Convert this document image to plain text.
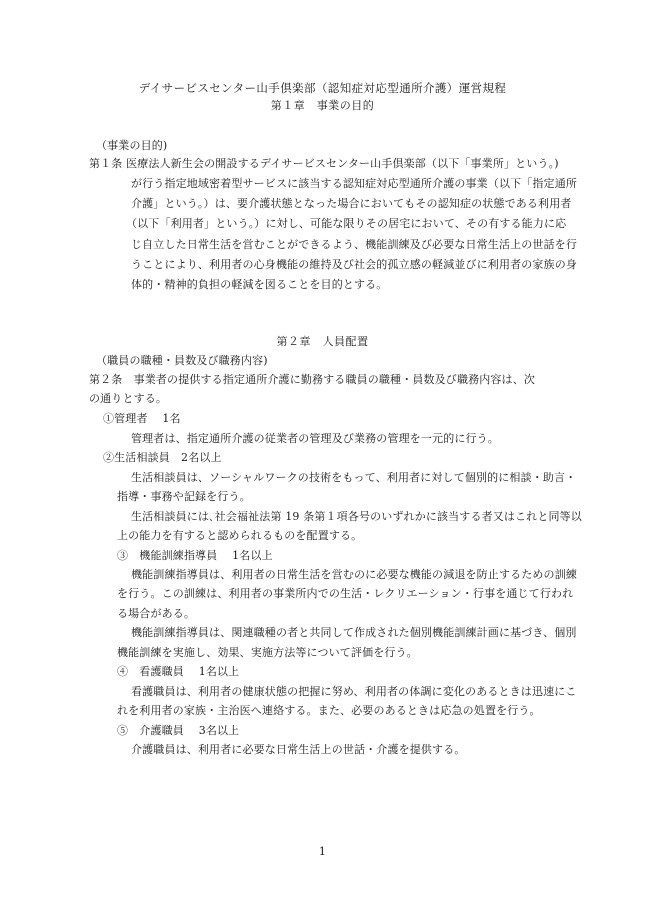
デイサービスセンター山手倶楽部（認知症対応型通所介護）運営規程
第１章　事業の目的
（事業の目的)
第１条 医療法人新生会の開設するデイサービスセンター山手倶楽部（以下「事業所」という。)
が行う指定地域密着型サービスに該当する認知症対応型通所介護の事業（以下「指定通所
介護」という。）は、要介護状態となった場合においてもその認知症の状態である利用者
（以下「利用者」という。）に対し、可能な限りその居宅において、その有する能力に応
じ自立した日常生活を営むことができるよう、機能訓練及び必要な日常生活上の世話を行
うことにより、利用者の心身機能の維持及び社会的孤立感の軽減並びに利用者の家族の身
体的・精神的負担の軽減を図ることを目的とする。
第２章　人員配置
（職員の職種・員数及び職務内容)
第２条　事業者の提供する指定通所介護に勤務する職員の職種・員数及び職務内容は、次
の通りとする。
①管理者　 1名
管理者は、指定通所介護の従業者の管理及び業務の管理を一元的に行う。
②生活相談員　2名以上
生活相談員は、ソーシャルワークの技術をもって、利用者に対して個別的に相談・助言・
指導・事務や記録を行う。
生活相談員には､社会福祉法第 19 条第１項各号のいずれかに該当する者又はこれと同等以
上の能力を有すると認められるものを配置する。
③　機能訓練指導員　 1名以上
機能訓練指導員は、利用者の日常生活を営むのに必要な機能の減退を防止するための訓練
を行う。この訓練は、利用者の事業所内での生活・レクリエーション・行事を通じて行われ
る場合がある。
機能訓練指導員は、関連職種の者と共同して作成された個別機能訓練計画に基づき、個別
機能訓練を実施し、効果、実施方法等について評価を行う。
④　看護職員　 1名以上
看護職員は、利用者の健康状態の把握に努め、利用者の体調に変化のあるときは迅速にこ
れを利用者の家族・主治医へ連絡する。また、必要のあるときは応急の処置を行う。
⑤　介護職員　 3名以上
介護職員は、利用者に必要な日常生活上の世話・介護を提供する。
1
